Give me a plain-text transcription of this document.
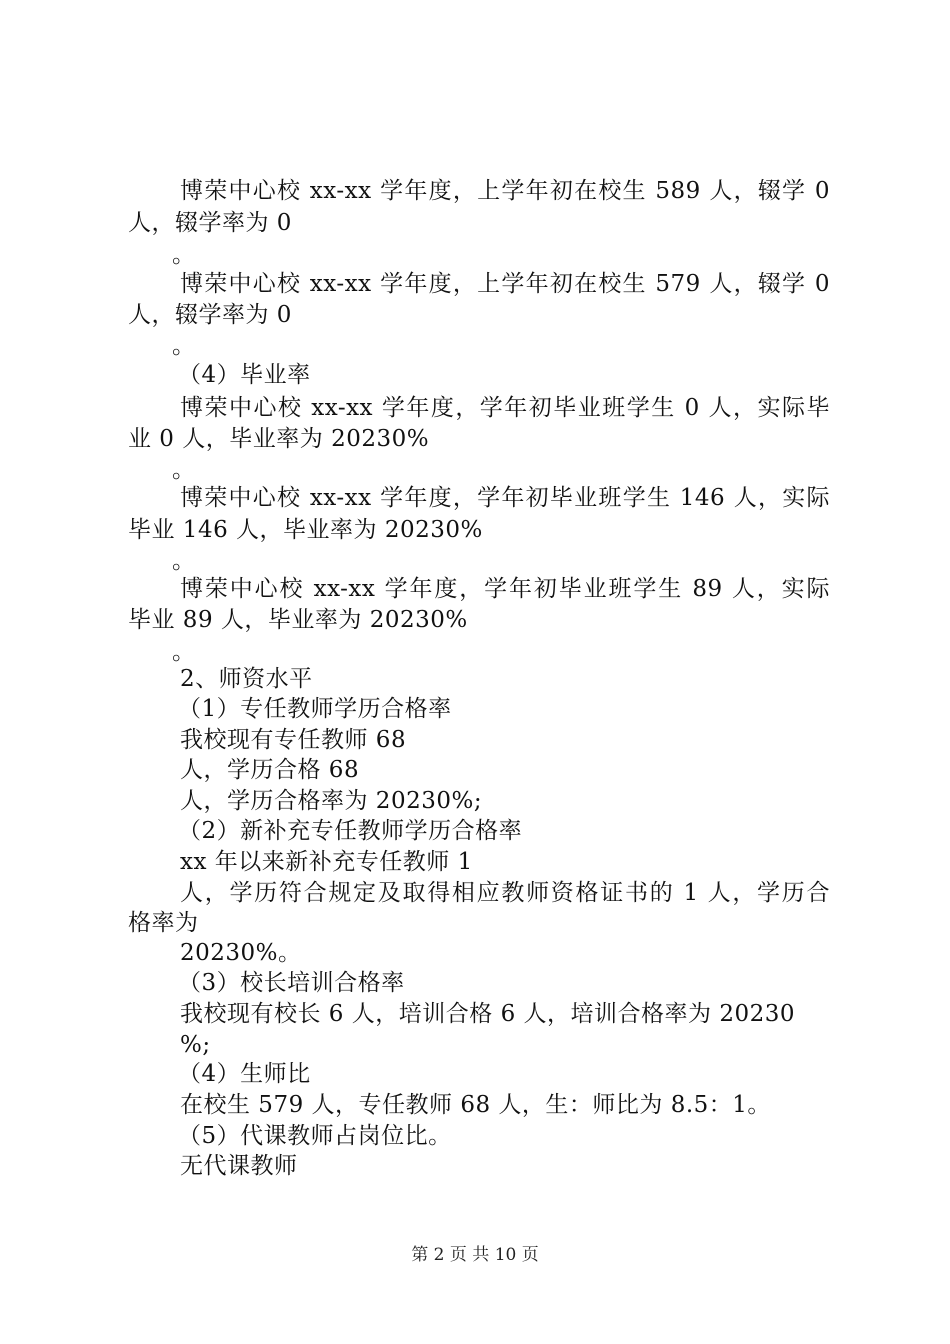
博荣中心校 xx-xx 学年度，上学年初在校生 589 人，辍学 0
人，辍学率为 0
。
博荣中心校 xx-xx 学年度，上学年初在校生 579 人，辍学 0
人，辍学率为 0
。
（4）毕业率
博荣中心校 xx-xx 学年度，学年初毕业班学生 0 人，实际毕
业 0 人，毕业率为 20230%
。
博荣中心校 xx-xx 学年度，学年初毕业班学生 146 人，实际
毕业 146 人，毕业率为 20230%
。
博荣中心校 xx-xx 学年度，学年初毕业班学生 89 人，实际
毕业 89 人，毕业率为 20230%
。
2、师资水平
（1）专任教师学历合格率
我校现有专任教师 68
人，学历合格 68
人，学历合格率为 20230%;
（2）新补充专任教师学历合格率
xx 年以来新补充专任教师 1
人，学历符合规定及取得相应教师资格证书的 1 人，学历合
格率为
20230%。
（3）校长培训合格率
我校现有校长 6 人，培训合格 6 人，培训合格率为 20230
%;
（4）生师比
在校生 579 人，专任教师 68 人，生：师比为 8.5：1。
（5）代课教师占岗位比。
无代课教师
第 2 页 共 10 页
